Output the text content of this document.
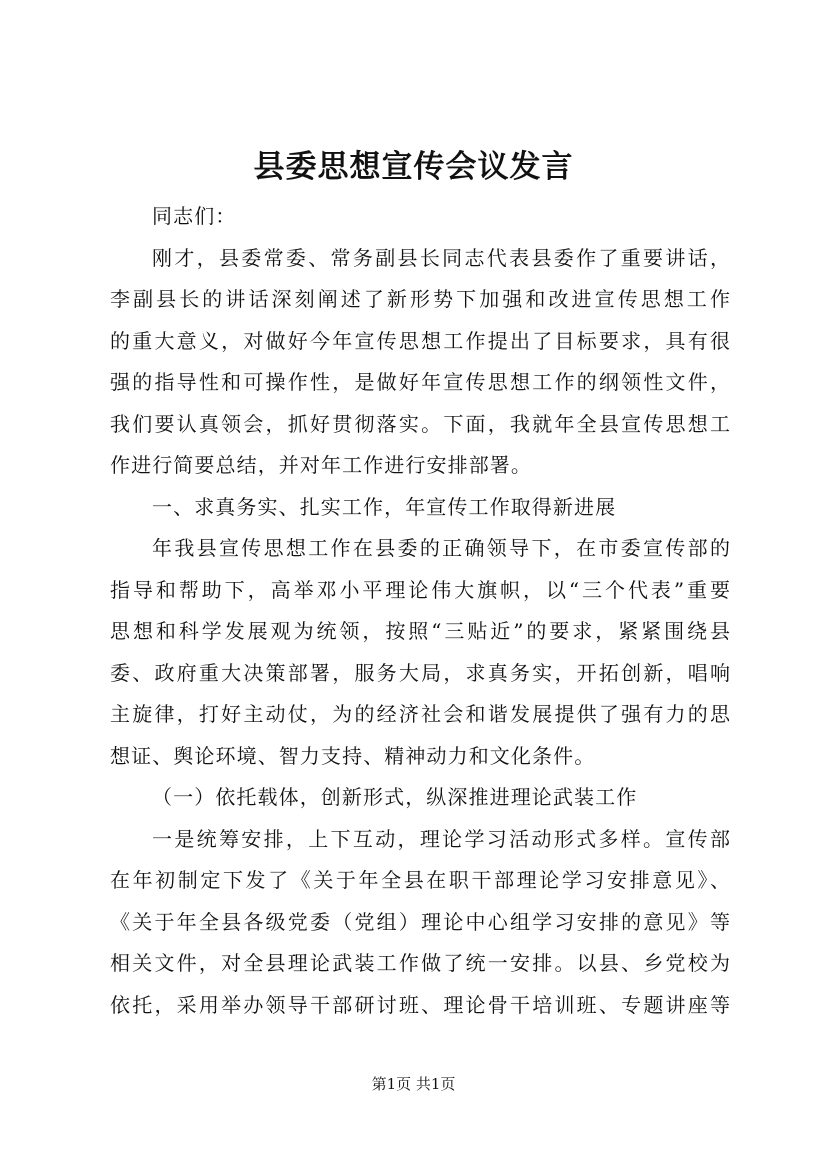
县委思想宣传会议发言
同志们：
刚才，县委常委、常务副县长同志代表县委作了重要讲话，
李副县长的讲话深刻阐述了新形势下加强和改进宣传思想工作
的重大意义，对做好今年宣传思想工作提出了目标要求，具有很
强的指导性和可操作性，是做好年宣传思想工作的纲领性文件，
我们要认真领会，抓好贯彻落实。下面，我就年全县宣传思想工
作进行简要总结，并对年工作进行安排部署。
一、求真务实、扎实工作，年宣传工作取得新进展
年我县宣传思想工作在县委的正确领导下，在市委宣传部的
指导和帮助下，高举邓小平理论伟大旗帜，以“三个代表”重要
思想和科学发展观为统领，按照“三贴近”的要求，紧紧围绕县
委、政府重大决策部署，服务大局，求真务实，开拓创新，唱响
主旋律，打好主动仗，为的经济社会和谐发展提供了强有力的思
想证、舆论环境、智力支持、精神动力和文化条件。
（一）依托载体，创新形式，纵深推进理论武装工作
一是统筹安排，上下互动，理论学习活动形式多样。宣传部
在年初制定下发了《关于年全县在职干部理论学习安排意见》、
《关于年全县各级党委（党组）理论中心组学习安排的意见》等
相关文件，对全县理论武装工作做了统一安排。以县、乡党校为
依托，采用举办领导干部研讨班、理论骨干培训班、专题讲座等
第1页 共1页
